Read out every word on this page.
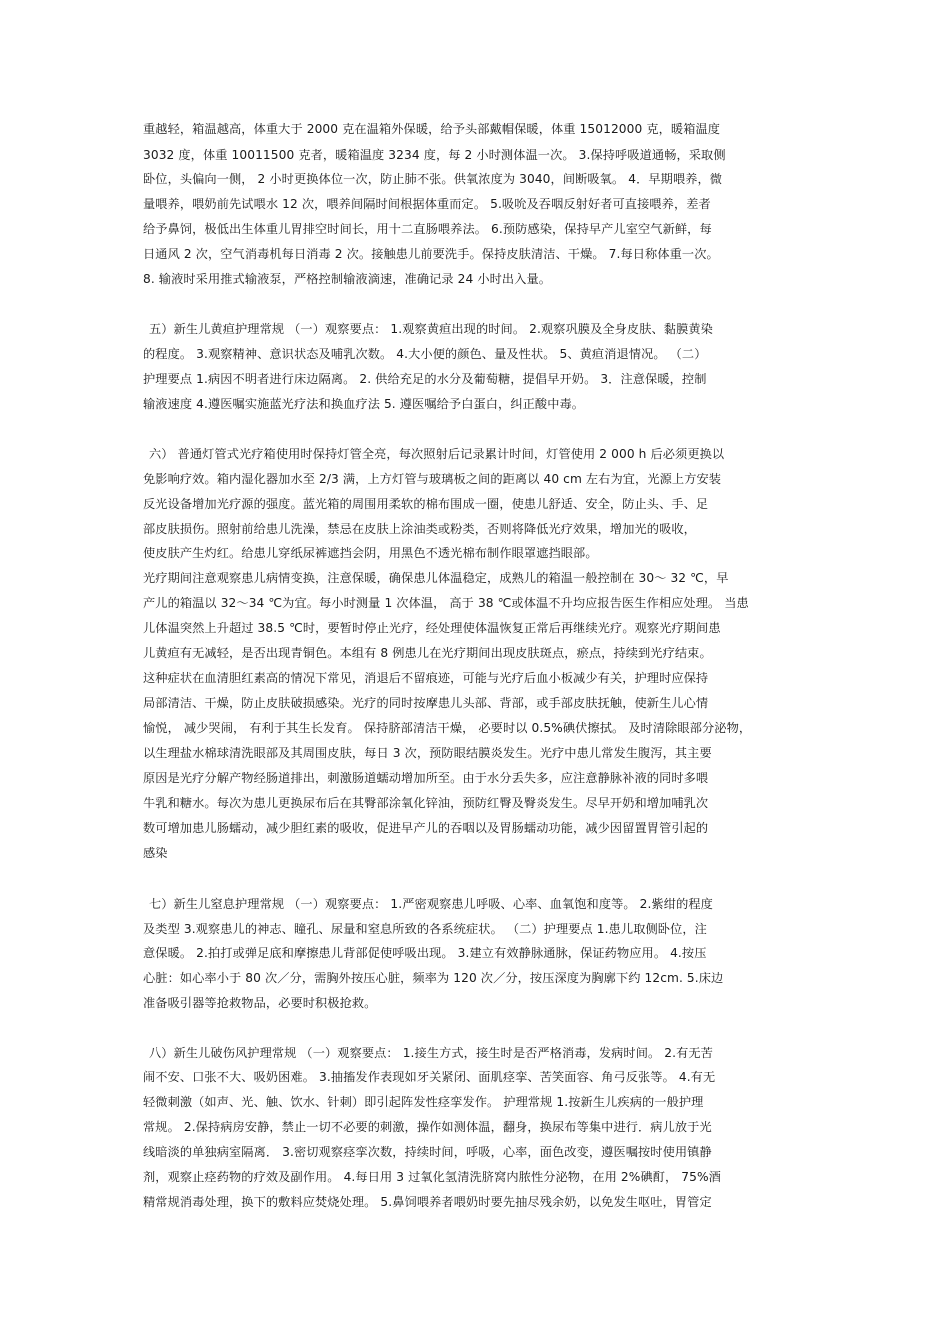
重越轻，箱温越高，体重大于 2000 克在温箱外保暖，给予头部戴帽保暖，体重 15012000 克，暖箱温度
3032 度，体重 10011500 克者，暖箱温度 3234 度，每 2 小时测体温一次。 3.保持呼吸道通畅，采取侧
卧位，头偏向一侧， 2 小时更换体位一次，防止肺不张。供氧浓度为 3040，间断吸氧。 4．早期喂养，微
量喂养，喂奶前先试喂水 12 次，喂养间隔时间根据体重而定。 5.吸吮及吞咽反射好者可直接喂养，差者
给予鼻饲，极低出生体重儿胃排空时间长，用十二直肠喂养法。 6.预防感染，保持早产儿室空气新鲜，每
日通风 2 次，空气消毒机每日消毒 2 次。接触患儿前要洗手。保持皮肤清洁、干燥。 7.每日称体重一次。
8. 输液时采用推式输液泵，严格控制输液滴速，准确记录 24 小时出入量。
五）新生儿黄疸护理常规 （一）观察要点： 1.观察黄疸出现的时间。 2.观察巩膜及全身皮肤、黏膜黄染
的程度。 3.观察精神、意识状态及哺乳次数。 4.大小便的颜色、量及性状。 5、黄疸消退情况。 （二）
护理要点 1.病因不明者进行床边隔离。 2. 供给充足的水分及葡萄糖，提倡早开奶。 3．注意保暖，控制
输液速度 4.遵医嘱实施蓝光疗法和换血疗法 5. 遵医嘱给予白蛋白，纠正酸中毒。
六） 普通灯管式光疗箱使用时保持灯管全亮，每次照射后记录累计时间，灯管使用 2 000 h 后必须更换以
免影响疗效。箱内湿化器加水至 2/3 满，上方灯管与玻璃板之间的距离以 40 cm 左右为宜，光源上方安装
反光设备增加光疗源的强度。蓝光箱的周围用柔软的棉布围成一圈，使患儿舒适、安全，防止头、手、足
部皮肤损伤。照射前给患儿洗澡，禁忌在皮肤上涂油类或粉类，否则将降低光疗效果，增加光的吸收，
使皮肤产生灼红。给患儿穿纸尿裤遮挡会阴，用黑色不透光棉布制作眼罩遮挡眼部。
光疗期间注意观察患儿病情变换，注意保暖，确保患儿体温稳定，成熟儿的箱温一般控制在 30～ 32 ℃，早
产儿的箱温以 32～34 ℃为宜。每小时测量 1 次体温， 高于 38 ℃或体温不升均应报告医生作相应处理。 当患
儿体温突然上升超过 38.5 ℃时，要暂时停止光疗，经处理使体温恢复正常后再继续光疗。观察光疗期间患
儿黄疸有无减轻，是否出现青铜色。本组有 8 例患儿在光疗期间出现皮肤斑点，瘀点，持续到光疗结束。
这种症状在血清胆红素高的情况下常见，消退后不留痕迹，可能与光疗后血小板减少有关，护理时应保持
局部清洁、干燥，防止皮肤破损感染。光疗的同时按摩患儿头部、背部，或手部皮肤抚触，使新生儿心情
愉悦， 减少哭闹， 有利于其生长发育。 保持脐部清洁干燥， 必要时以 0.5%碘伏擦拭。 及时清除眼部分泌物，
以生理盐水棉球清洗眼部及其周围皮肤，每日 3 次，预防眼结膜炎发生。光疗中患儿常发生腹泻，其主要
原因是光疗分解产物经肠道排出，刺激肠道蠕动增加所至。由于水分丢失多，应注意静脉补液的同时多喂
牛乳和糖水。每次为患儿更换尿布后在其臀部涂氧化锌油，预防红臀及臀炎发生。尽早开奶和增加哺乳次
数可增加患儿肠蠕动，减少胆红素的吸收，促进早产儿的吞咽以及胃肠蠕动功能，减少因留置胃管引起的
感染
七）新生儿窒息护理常规 （一）观察要点： 1.严密观察患儿呼吸、心率、血氧饱和度等。 2.紫绀的程度
及类型 3.观察患儿的神志、瞳孔、尿量和窒息所致的各系统症状。 （二）护理要点 1.患儿取侧卧位，注
意保暖。 2.拍打或弹足底和摩擦患儿背部促使呼吸出现。 3.建立有效静脉通脉，保证药物应用。 4.按压
心脏：如心率小于 80 次／分，需胸外按压心脏，频率为 120 次／分，按压深度为胸廓下约 12cm. 5.床边
准备吸引器等抢救物品，必要时积极抢救。
八）新生儿破伤风护理常规 （一）观察要点： 1.接生方式，接生时是否严格消毒，发病时间。 2.有无苦
闹不安、口张不大、吸奶困难。 3.抽搐发作表现如牙关紧闭、面肌痉挛、苦笑面容、角弓反张等。 4.有无
轻微刺激（如声、光、触、饮水、针刺）即引起阵发性痉挛发作。 护理常规 1.按新生儿疾病的一般护理
常规。 2.保持病房安静，禁止一切不必要的刺激，操作如测体温，翻身，换尿布等集中进行．病儿放于光
线暗淡的单独病室隔离． 3.密切观察痉挛次数，持续时间，呼吸，心率，面色改变，遵医嘱按时使用镇静
剂，观察止痉药物的疗效及副作用。 4.每日用 3 过氧化氢清洗脐窝内脓性分泌物，在用 2%碘酊， 75%酒
精常规消毒处理，换下的敷料应焚烧处理。 5.鼻饲喂养者喂奶时要先抽尽残余奶，以免发生呕吐，胃管定
